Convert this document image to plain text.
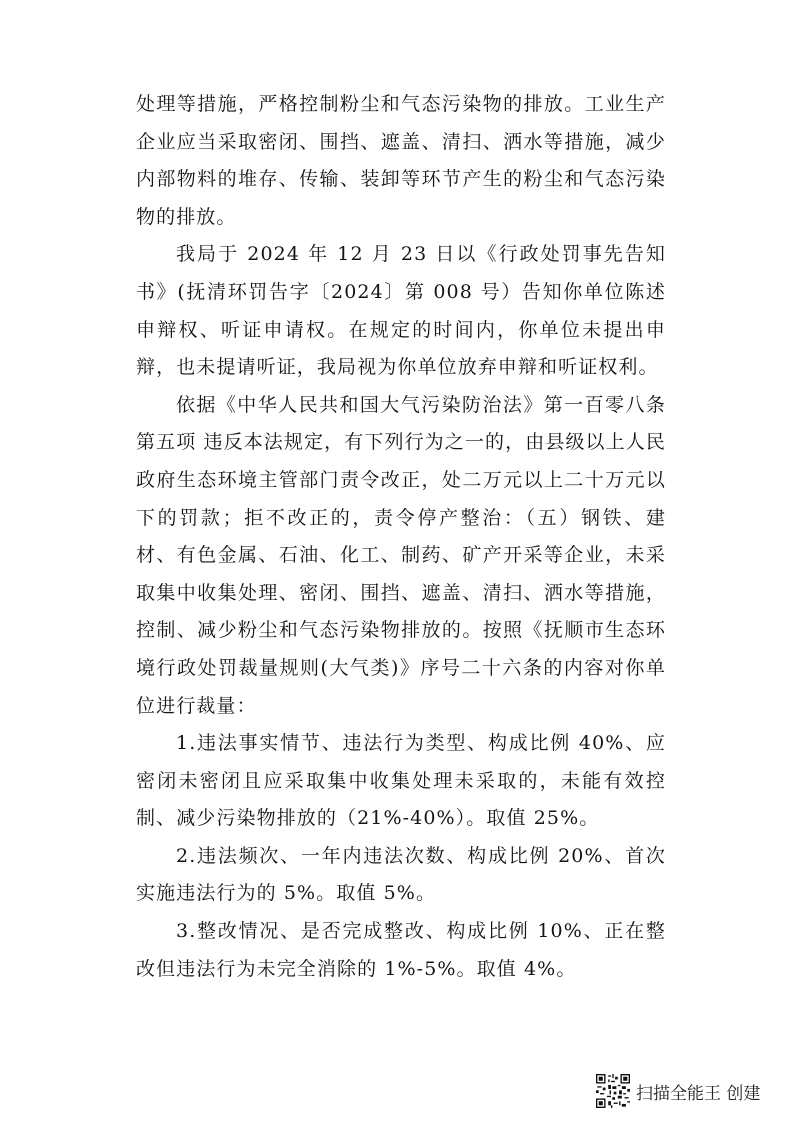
处理等措施，严格控制粉尘和气态污染物的排放。工业生产企业应当采取密闭、围挡、遮盖、清扫、洒水等措施，减少内部物料的堆存、传输、装卸等环节产生的粉尘和气态污染物的排放。

我局于 2024 年 12 月 23 日以《行政处罚事先告知书》(抚清环罚告字〔2024〕第 008 号）告知你单位陈述申辩权、听证申请权。在规定的时间内，你单位未提出申辩，也未提请听证，我局视为你单位放弃申辩和听证权利。

依据《中华人民共和国大气污染防治法》第一百零八条第五项 违反本法规定，有下列行为之一的，由县级以上人民政府生态环境主管部门责令改正，处二万元以上二十万元以下的罚款；拒不改正的，责令停产整治：（五）钢铁、建材、有色金属、石油、化工、制药、矿产开采等企业，未采取集中收集处理、密闭、围挡、遮盖、清扫、洒水等措施，控制、减少粉尘和气态污染物排放的。按照《抚顺市生态环境行政处罚裁量规则(大气类)》序号二十六条的内容对你单位进行裁量：

1.违法事实情节、违法行为类型、构成比例 40%、应密闭未密闭且应采取集中收集处理未采取的，未能有效控制、减少污染物排放的（21%-40%）。取值 25%。

2.违法频次、一年内违法次数、构成比例 20%、首次实施违法行为的 5%。取值 5%。

3.整改情况、是否完成整改、构成比例 10%、正在整改但违法行为未完全消除的 1%-5%。取值 4%。

扫描全能王 创建
